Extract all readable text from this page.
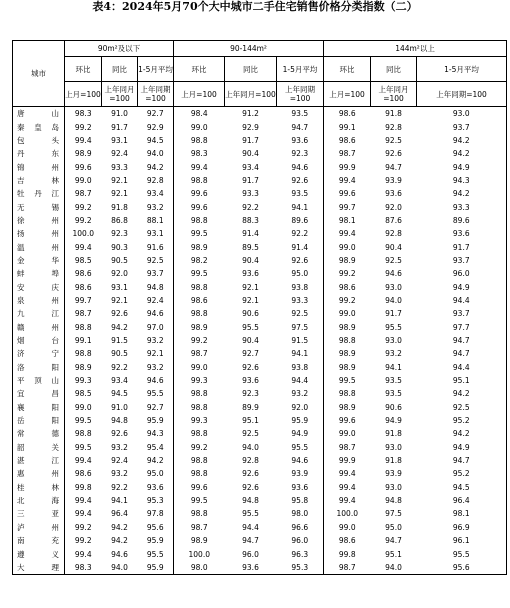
表4：2024年5月70个大中城市二手住宅销售价格分类指数（二）
城市	90m²及以下			90-144m²			144m²以上		
	环比	同比	1-5月平均	环比	同比	1-5月平均	环比	同比	1-5月平均
	上月=100	上年同月=100	上年同期=100	上月=100	上年同月=100	上年同期=100	上月=100	上年同月=100	上年同期=100
唐山	98.3	91.0	92.7	98.4	91.2	93.5	98.6	91.8	93.0
秦皇岛	99.2	91.7	92.9	99.0	92.9	94.7	99.1	92.8	93.7
包头	99.4	93.1	94.5	98.8	91.7	93.6	98.6	92.5	94.2
丹东	98.9	92.4	94.0	98.3	90.4	92.3	98.7	92.6	94.2
锦州	99.6	93.3	94.2	99.4	93.4	94.6	99.9	94.7	94.9
吉林	99.0	92.1	92.8	98.8	91.7	92.6	99.4	93.9	94.3
牡丹江	98.7	92.1	93.4	99.6	93.3	93.5	99.6	93.6	94.2
无锡	99.2	91.8	93.2	99.6	92.2	94.1	99.7	92.0	93.3
徐州	99.2	86.8	88.1	98.8	88.3	89.6	98.1	87.6	89.6
扬州	100.0	92.3	93.1	99.5	91.4	92.2	99.4	92.8	93.6
温州	99.4	90.3	91.6	98.9	89.5	91.4	99.0	90.4	91.7
金华	98.5	90.5	92.5	98.2	90.4	92.6	98.9	92.5	93.7
蚌埠	98.6	92.0	93.7	99.5	93.6	95.0	99.2	94.6	96.0
安庆	98.6	93.1	94.8	98.8	92.1	93.8	98.6	93.0	94.9
泉州	99.7	92.1	92.4	98.6	92.1	93.3	99.2	94.0	94.4
九江	98.7	92.6	94.6	98.8	90.6	92.5	99.0	91.7	93.7
赣州	98.8	94.2	97.0	98.9	95.5	97.5	98.9	95.5	97.7
烟台	99.1	91.5	93.2	99.2	90.4	91.5	98.8	93.0	94.7
济宁	98.8	90.5	92.1	98.7	92.7	94.1	98.9	93.2	94.7
洛阳	98.9	92.2	93.2	99.0	92.6	93.8	98.9	94.1	94.4
平顶山	99.3	93.4	94.6	99.3	93.6	94.4	99.5	93.5	95.1
宜昌	98.5	94.5	95.5	98.8	92.3	93.2	98.8	93.5	94.2
襄阳	99.0	91.0	92.7	98.8	89.9	92.0	98.9	90.6	92.5
岳阳	99.5	94.8	95.9	99.3	95.1	95.9	99.6	94.9	95.2
常德	98.8	92.6	94.3	98.8	92.5	94.9	99.0	91.8	94.2
韶关	99.5	93.2	95.4	99.2	94.0	95.5	98.7	93.0	94.9
湛江	99.4	92.4	94.2	98.8	92.8	94.6	99.9	91.8	94.7
惠州	98.6	93.2	95.0	98.8	92.6	93.9	99.4	93.9	95.2
桂林	99.8	92.2	93.6	99.6	92.6	93.6	99.4	93.0	94.5
北海	99.4	94.1	95.3	99.5	94.8	95.8	99.4	94.8	96.4
三亚	99.4	96.4	97.8	98.8	95.5	98.0	100.0	97.5	98.1
泸州	99.2	94.2	95.6	98.7	94.4	96.6	99.0	95.0	96.9
南充	99.2	94.2	95.9	98.9	94.7	96.0	98.6	94.7	96.1
遵义	99.4	94.6	95.5	100.0	96.0	96.3	99.8	95.1	95.5
大理	98.3	94.0	95.9	98.0	93.6	95.3	98.7	94.0	95.6
